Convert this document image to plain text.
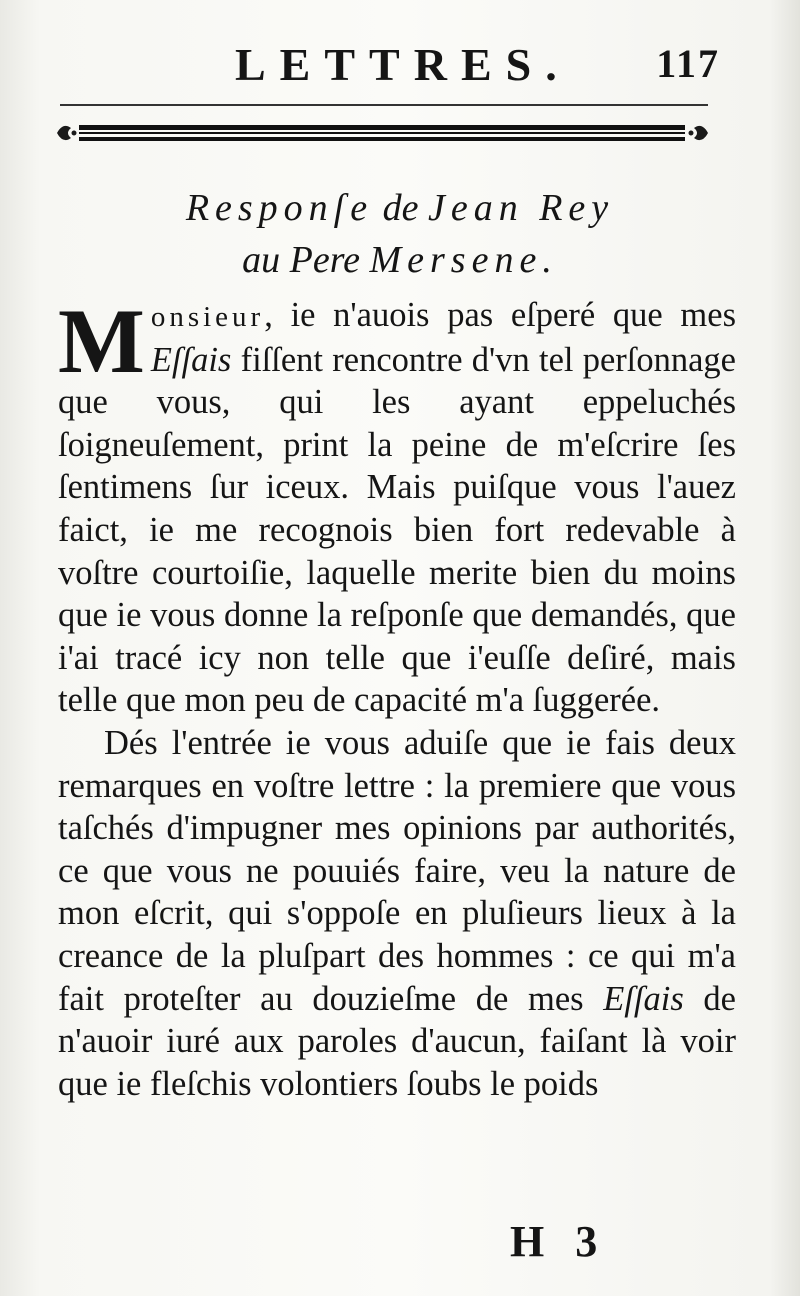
LETTRES. 117
Responſe de Jean Rey
au Pere Mersene.

Monsieur, ie n'auois pas eſperé que mes Eſſais fiſſent rencontre d'vn tel perſonnage que vous, qui les ayant eppeluchés ſoigneuſement, print la peine de m'eſcrire ſes ſentimens ſur iceux. Mais puiſque vous l'auez faict, ie me recognois bien fort redevable à voſtre courtoiſie, laquelle merite bien du moins que ie vous donne la reſponſe que demandés, que i'ai tracé icy non telle que i'euſſe deſiré, mais telle que mon peu de capacité m'a ſuggerée.

Dés l'entrée ie vous aduiſe que ie fais deux remarques en voſtre lettre : la premiere que vous taſchés d'impugner mes opinions par authorités, ce que vous ne pouuiés faire, veu la nature de mon eſcrit, qui s'oppoſe en pluſieurs lieux à la creance de la pluſpart des hommes : ce qui m'a fait proteſter au douzieſme de mes Eſſais de n'auoir iuré aux paroles d'aucun, faiſant là voir que ie fleſchis volontiers ſoubs le poids

H 3
